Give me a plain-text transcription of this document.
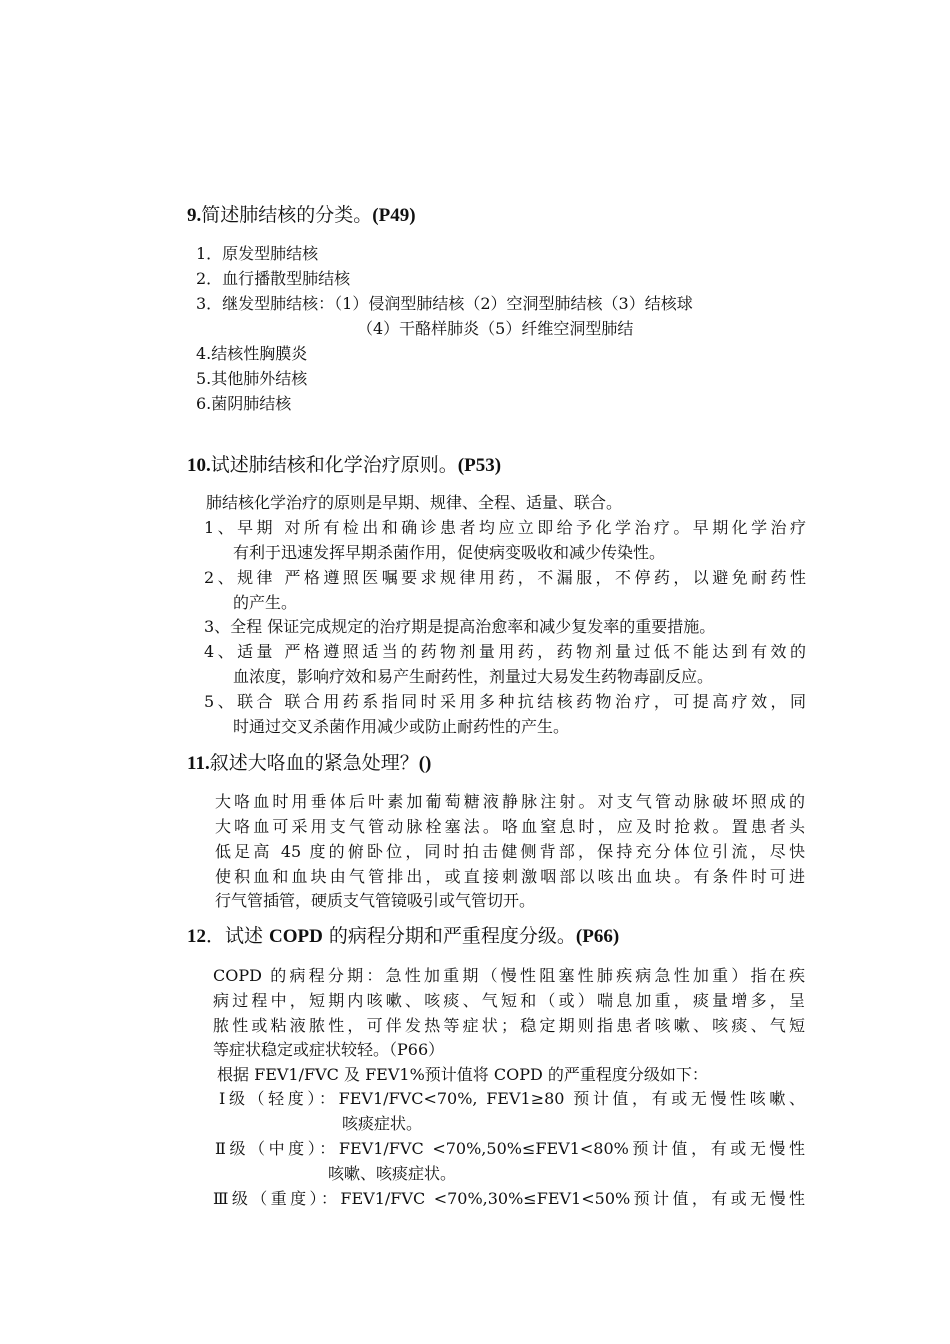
9.简述肺结核的分类。(P49)
1．原发型肺结核
2．血行播散型肺结核
3．继发型肺结核：（1）侵润型肺结核（2）空洞型肺结核（3）结核球
（4）干酪样肺炎（5）纤维空洞型肺结
4.结核性胸膜炎
5.其他肺外结核
6.菌阴肺结核
10.试述肺结核和化学治疗原则。(P53)
肺结核化学治疗的原则是早期、规律、全程、适量、联合。
1、早期 对所有检出和确诊患者均应立即给予化学治疗。早期化学治疗
有利于迅速发挥早期杀菌作用，促使病变吸收和减少传染性。
2、规律 严格遵照医嘱要求规律用药，不漏服，不停药，以避免耐药性
的产生。
3、全程 保证完成规定的治疗期是提高治愈率和减少复发率的重要措施。
4、适量 严格遵照适当的药物剂量用药，药物剂量过低不能达到有效的
血浓度，影响疗效和易产生耐药性，剂量过大易发生药物毒副反应。
5、联合 联合用药系指同时采用多种抗结核药物治疗，可提高疗效，同
时通过交叉杀菌作用减少或防止耐药性的产生。
11.叙述大咯血的紧急处理？()
大咯血时用垂体后叶素加葡萄糖液静脉注射。对支气管动脉破坏照成的
大咯血可采用支气管动脉栓塞法。咯血窒息时，应及时抢救。置患者头
低足高 45 度的俯卧位，同时拍击健侧背部，保持充分体位引流，尽快
使积血和血块由气管排出，或直接刺激咽部以咳出血块。有条件时可进
行气管插管，硬质支气管镜吸引或气管切开。
12．试述 COPD 的病程分期和严重程度分级。(P66)
COPD 的病程分期：急性加重期（慢性阻塞性肺疾病急性加重）指在疾
病过程中，短期内咳嗽、咳痰、气短和（或）喘息加重，痰量增多，呈
脓性或粘液脓性，可伴发热等症状；稳定期则指患者咳嗽、咳痰、气短
等症状稳定或症状较轻。（P66）
根据 FEV1/FVC 及 FEV1%预计值将 COPD 的严重程度分级如下：
Ⅰ级（轻度）：FEV1/FVC<70%, FEV1≥80 预计值，有或无慢性咳嗽、
咳痰症状。
Ⅱ级（中度）：FEV1/FVC <70%,50%≤FEV1<80%预计值，有或无慢性
咳嗽、咳痰症状。
Ⅲ级（重度）：FEV1/FVC <70%,30%≤FEV1<50%预计值，有或无慢性
